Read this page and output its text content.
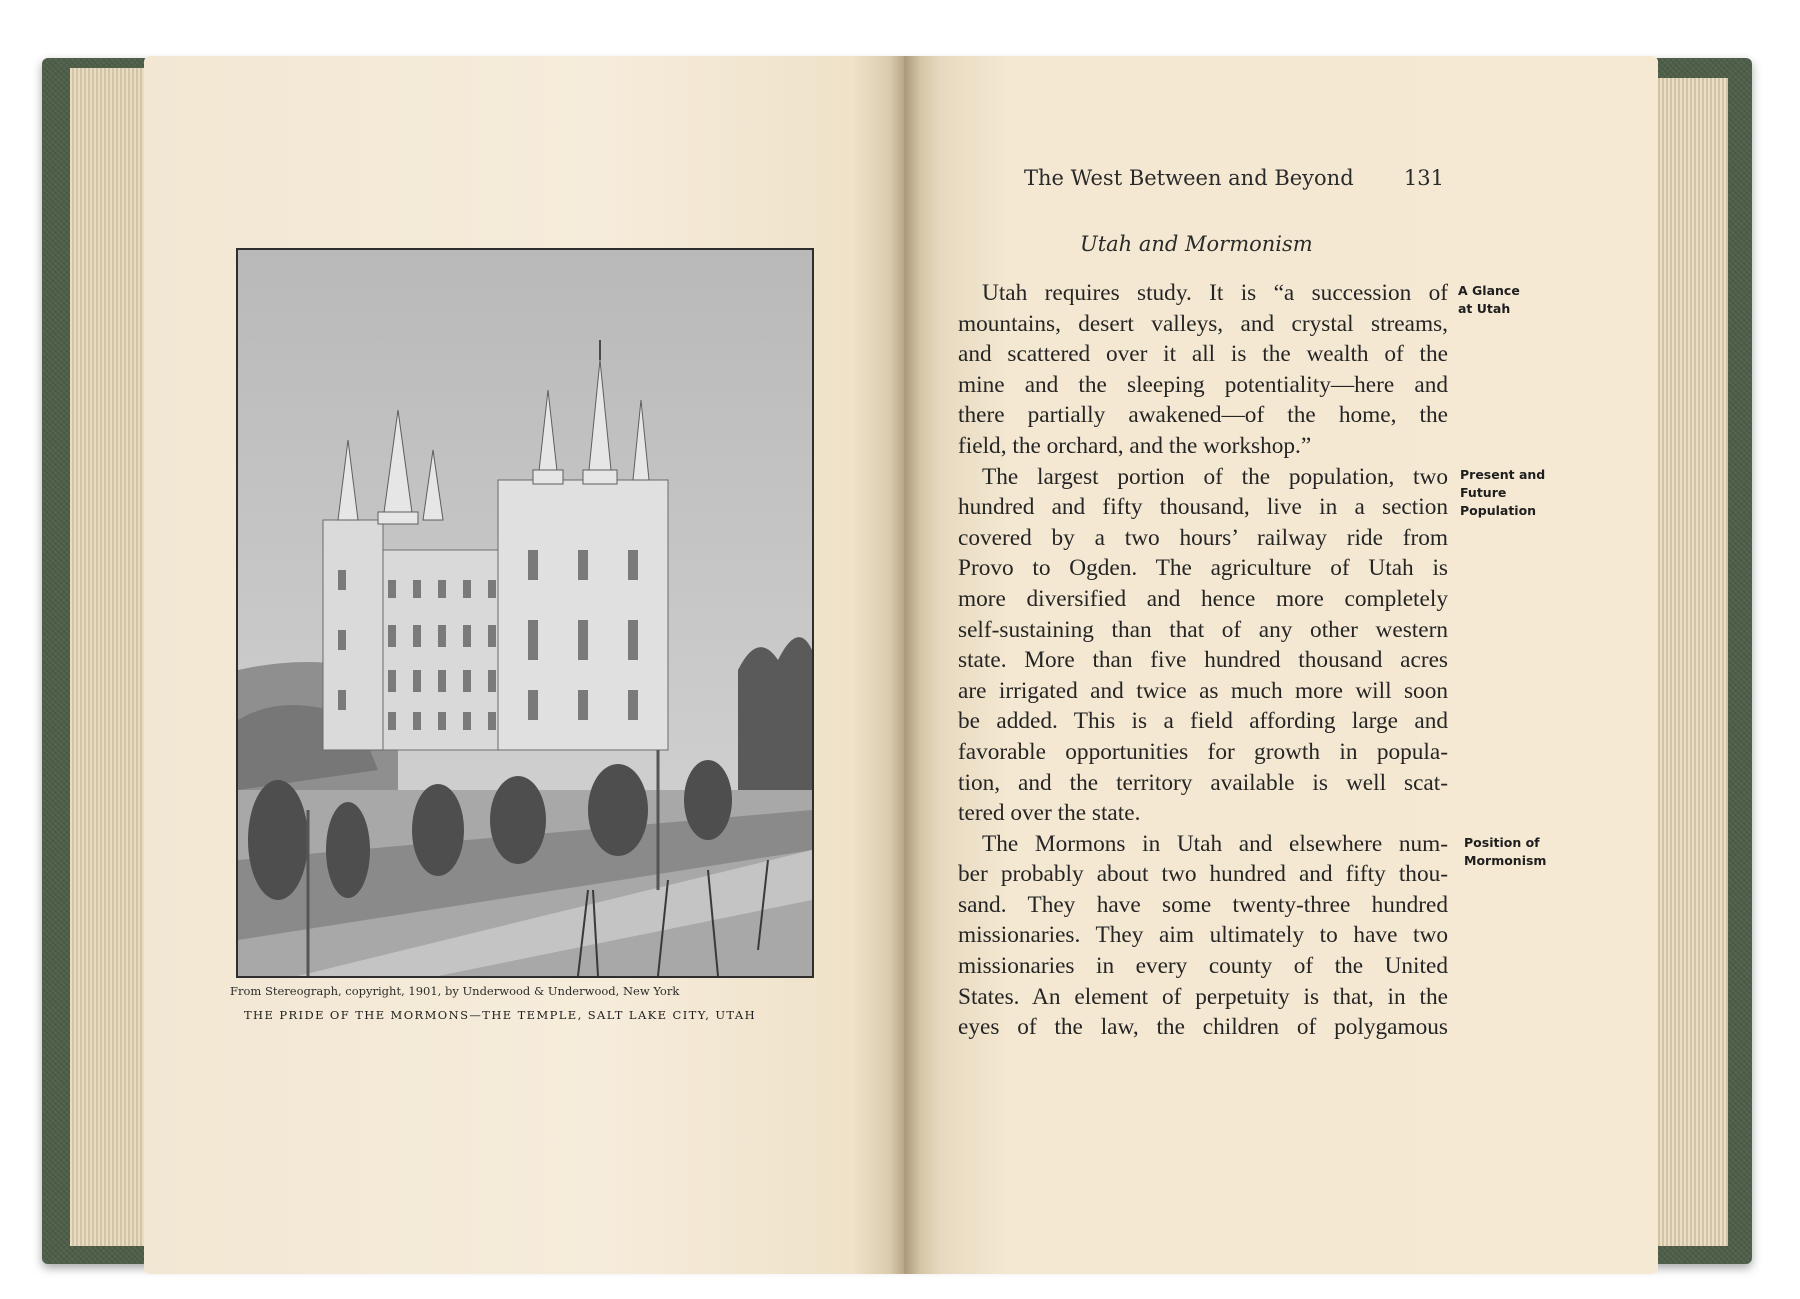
From Stereograph, copyright, 1901, by Underwood & Underwood, New York
THE PRIDE OF THE MORMONS—THE TEMPLE, SALT LAKE CITY, UTAH
The West Between and Beyond 131
Utah and Mormonism
Utah requires study. It is “a succession of
mountains, desert valleys, and crystal streams,
and scattered over it all is the wealth of the
mine and the sleeping potentiality—here and
there partially awakened—of the home, the
field, the orchard, and the workshop.”
The largest portion of the population, two
hundred and fifty thousand, live in a section
covered by a two hours’ railway ride from
Provo to Ogden. The agriculture of Utah is
more diversified and hence more completely
self-sustaining than that of any other western
state. More than five hundred thousand acres
are irrigated and twice as much more will soon
be added. This is a field affording large and
favorable opportunities for growth in popula-
tion, and the territory available is well scat-
tered over the state.
The Mormons in Utah and elsewhere num-
ber probably about two hundred and fifty thou-
sand. They have some twenty-three hundred
missionaries. They aim ultimately to have two
missionaries in every county of the United
States. An element of perpetuity is that, in the
eyes of the law, the children of polygamous
A Glance
at Utah
Present and
Future
Population
Position of
Mormonism
